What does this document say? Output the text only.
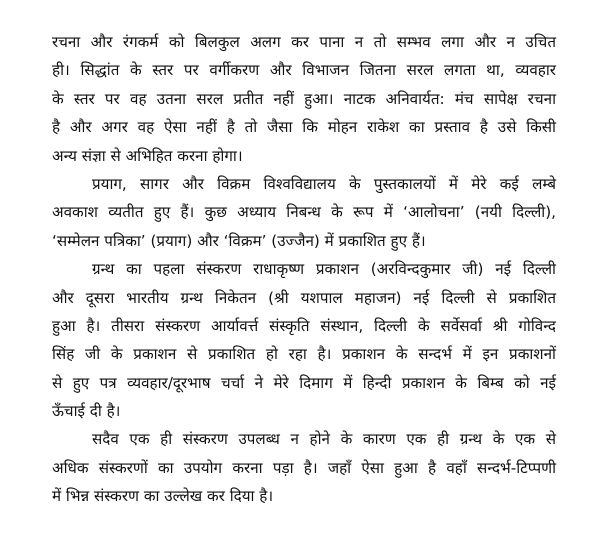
रचना और रंगकर्म को बिलकुल अलग कर पाना न तो सम्भव लगा और न उचित
ही। सिद्धांत के स्तर पर वर्गीकरण और विभाजन जितना सरल लगता था, व्यवहार
के स्तर पर वह उतना सरल प्रतीत नहीं हुआ। नाटक अनिवार्यत: मंच सापेक्ष रचना
है और अगर वह ऐसा नहीं है तो जैसा कि मोहन राकेश का प्रस्ताव है उसे किसी
अन्य संज्ञा से अभिहित करना होगा।
प्रयाग, सागर और विक्रम विश्वविद्यालय के पुस्तकालयों में मेरे कई लम्बे
अवकाश व्यतीत हुए हैं। कुछ अध्याय निबन्ध के रूप में ‘आलोचना’ (नयी दिल्ली),
‘सम्मेलन पत्रिका’ (प्रयाग) और ‘विक्रम’ (उज्जैन) में प्रकाशित हुए हैं।
ग्रन्थ का पहला संस्करण राधाकृष्ण प्रकाशन (अरविन्दकुमार जी) नई दिल्ली
और दूसरा भारतीय ग्रन्थ निकेतन (श्री यशपाल महाजन) नई दिल्ली से प्रकाशित
हुआ है। तीसरा संस्करण आर्यावर्त्त संस्कृति संस्थान, दिल्ली के सर्वेसर्वा श्री गोविन्द
सिंह जी के प्रकाशन से प्रकाशित हो रहा है। प्रकाशन के सन्दर्भ में इन प्रकाशनों
से हुए पत्र व्यवहार/दूरभाष चर्चा ने मेरे दिमाग में हिन्दी प्रकाशन के बिम्ब को नई
ऊँचाई दी है।
सदैव एक ही संस्करण उपलब्ध न होने के कारण एक ही ग्रन्थ के एक से
अधिक संस्करणों का उपयोग करना पड़ा है। जहाँ ऐसा हुआ है वहाँ सन्दर्भ-टिप्पणी
में भिन्न संस्करण का उल्लेख कर दिया है।
